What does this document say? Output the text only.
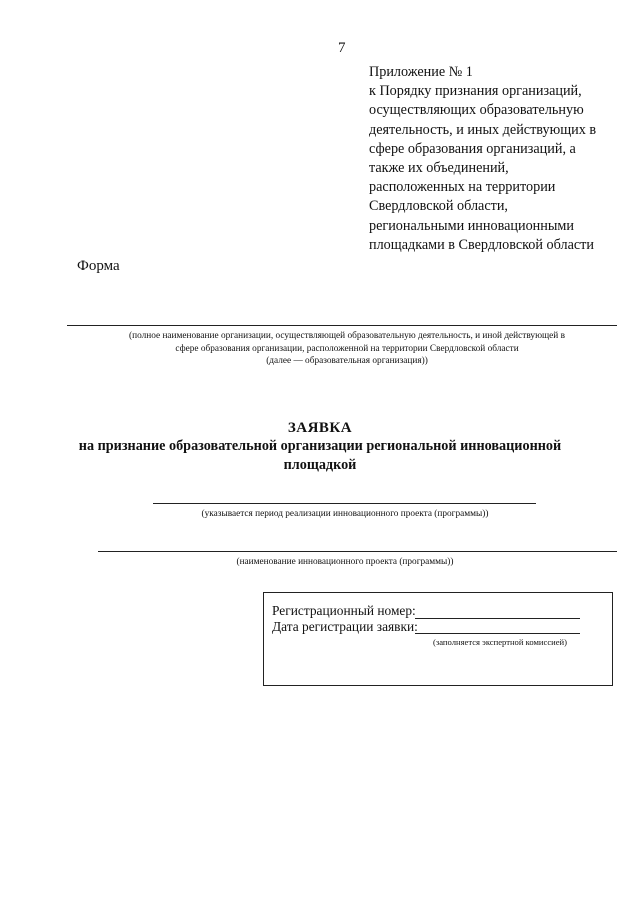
7
Приложение № 1
к Порядку признания организаций,
осуществляющих образовательную
деятельность, и иных действующих в
сфере образования организаций, а
также их объединений,
расположенных на территории
Свердловской области,
региональными инновационными
площадками в Свердловской области
Форма
(полное наименование организации, осуществляющей образовательную деятельность, и иной действующей в
сфере образования организации, расположенной на территории Свердловской области
(далее — образовательная организация))
ЗАЯВКА
на признание образовательной организации региональной инновационной
площадкой
(указывается период реализации инновационного проекта (программы))
(наименование инновационного проекта (программы))
Регистрационный номер:
Дата регистрации заявки:
(заполняется экспертной комиссией)
